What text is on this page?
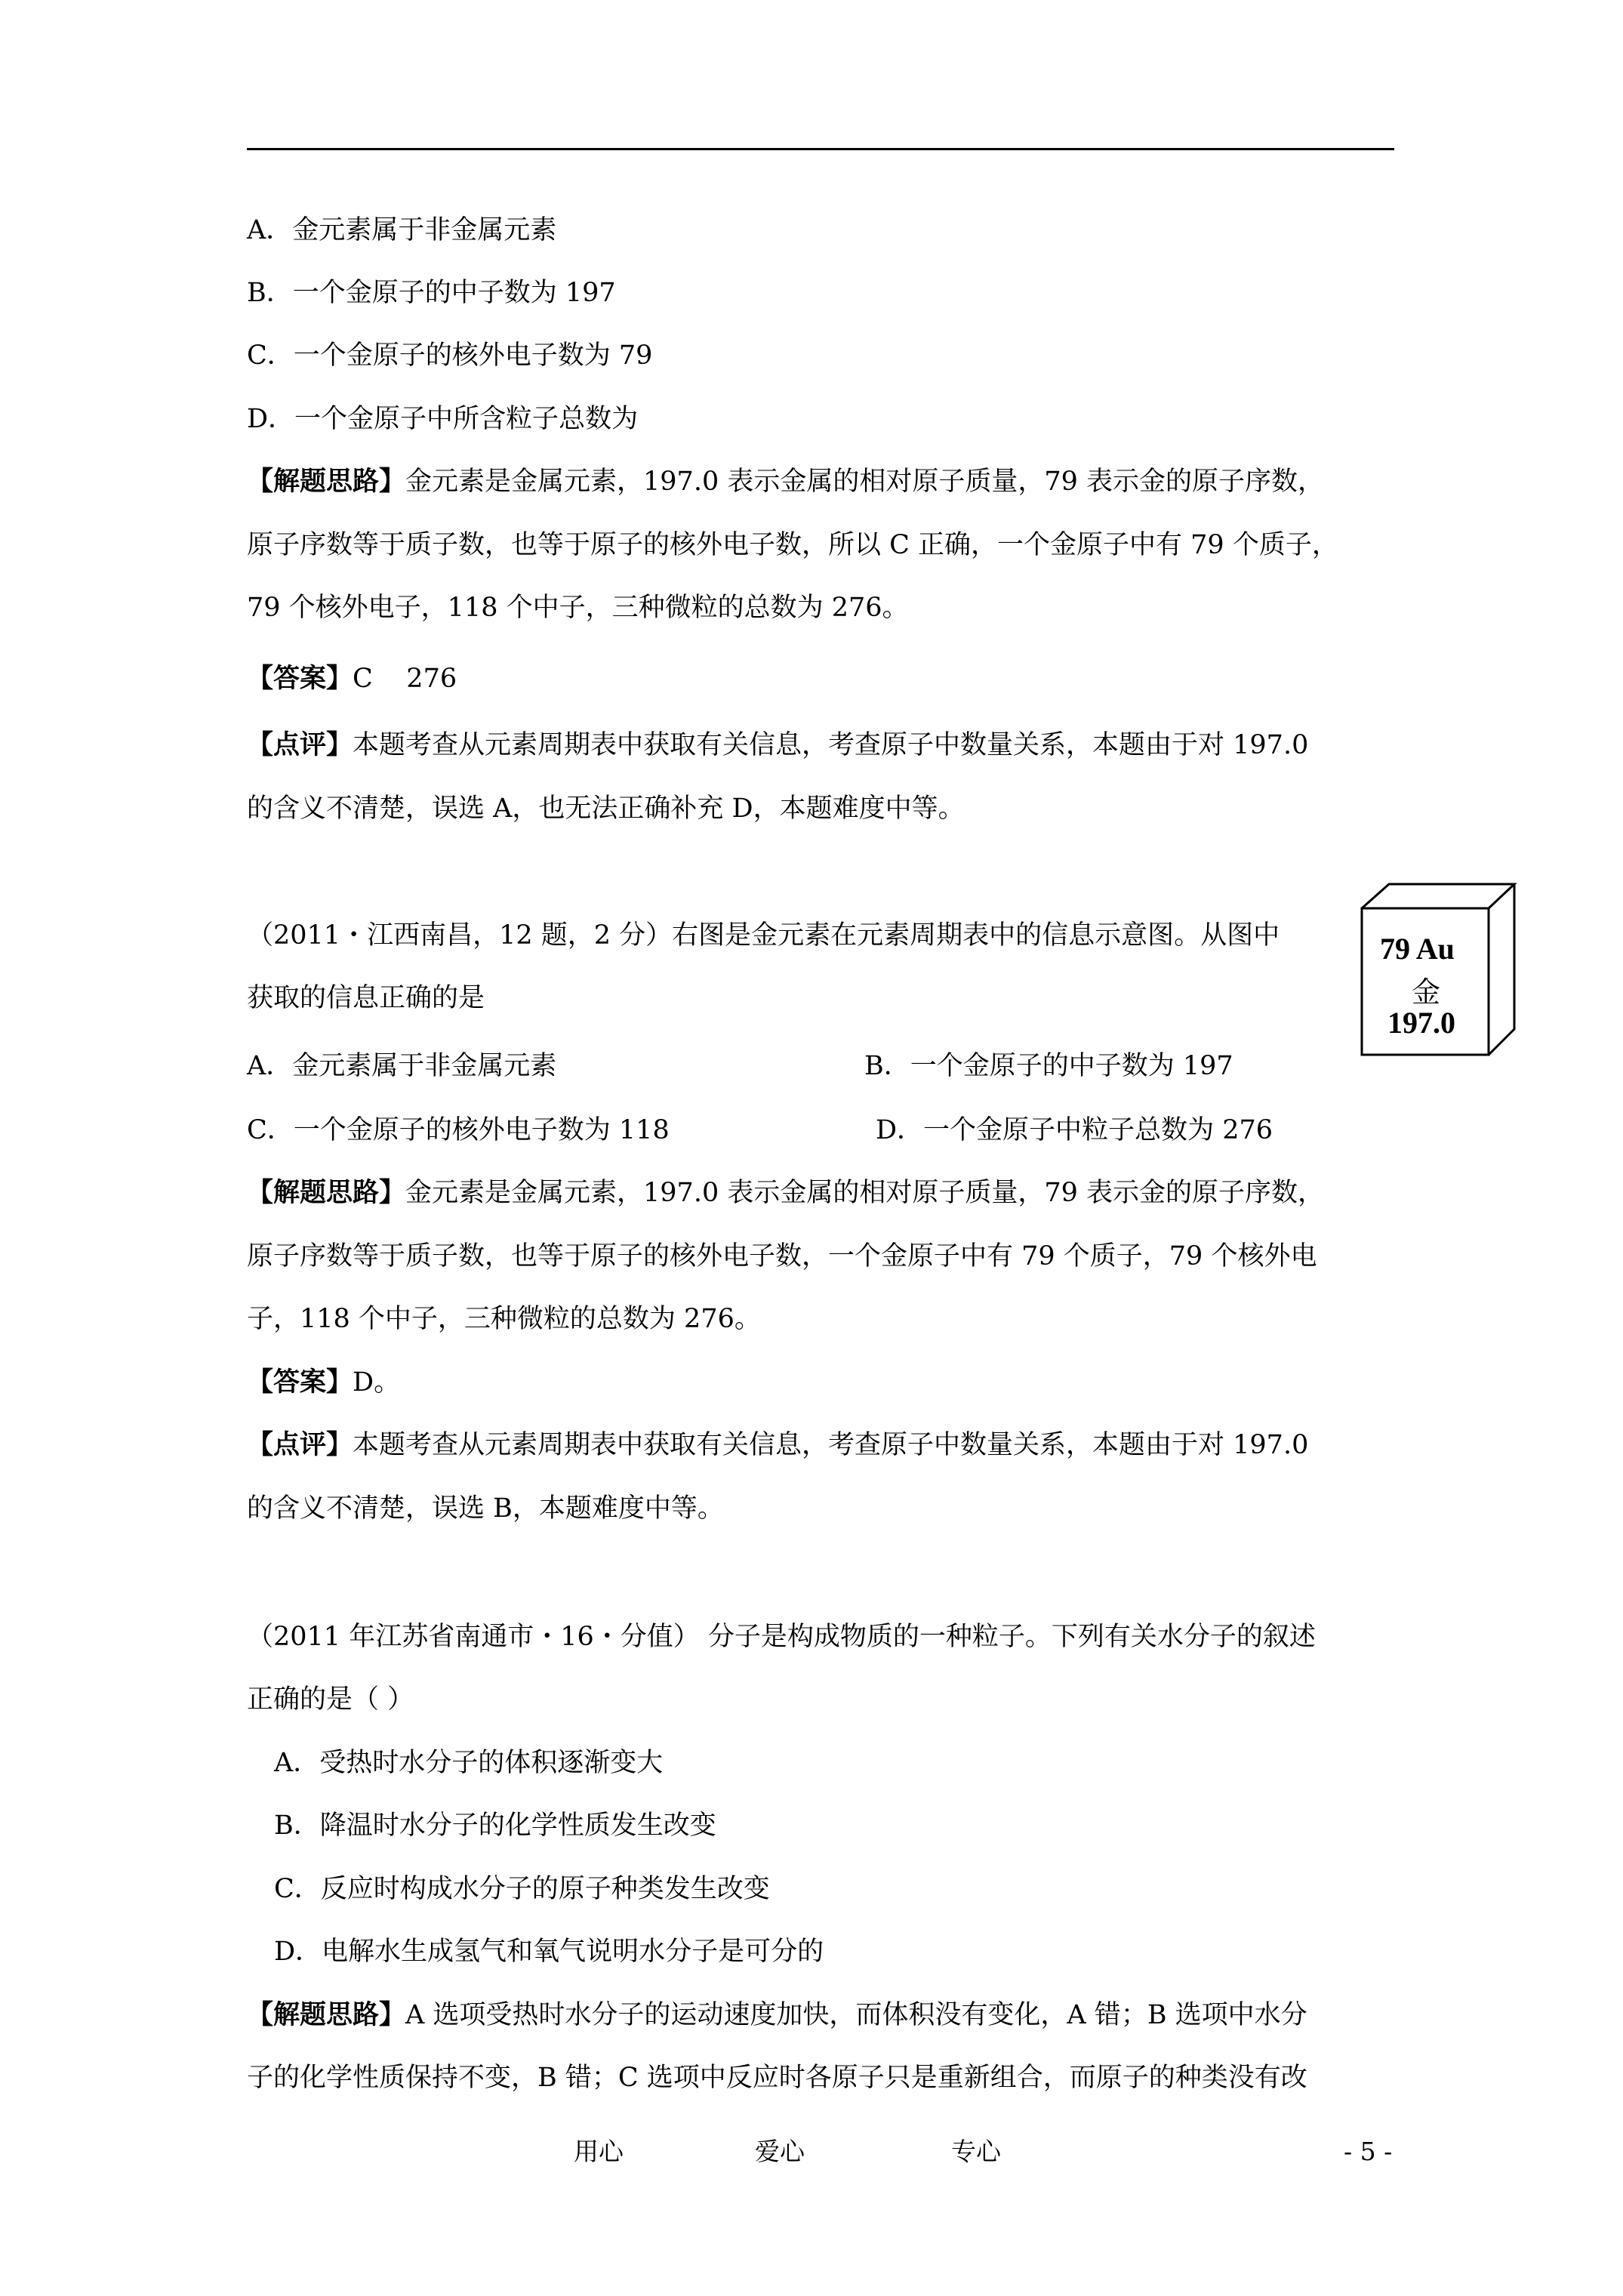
A．金元素属于非金属元素
B．一个金原子的中子数为 197
C．一个金原子的核外电子数为 79
D．一个金原子中所含粒子总数为
【解题思路】金元素是金属元素，197.0 表示金属的相对原子质量，79 表示金的原子序数，
原子序数等于质子数，也等于原子的核外电子数，所以 C 正确，一个金原子中有 79 个质子，
79 个核外电子，118 个中子，三种微粒的总数为 276。
【答案】C    276
【点评】本题考查从元素周期表中获取有关信息，考查原子中数量关系，本题由于对 197.0
的含义不清楚，误选 A，也无法正确补充 D，本题难度中等。
（2011・江西南昌，12 题，2 分）右图是金元素在元素周期表中的信息示意图。从图中
获取的信息正确的是
A．金元素属于非金属元素	B．一个金原子的中子数为 197
C．一个金原子的核外电子数为 118	D．一个金原子中粒子总数为 276
【解题思路】金元素是金属元素，197.0 表示金属的相对原子质量，79 表示金的原子序数，
原子序数等于质子数，也等于原子的核外电子数，一个金原子中有 79 个质子，79 个核外电
子，118 个中子，三种微粒的总数为 276。
【答案】D。
【点评】本题考查从元素周期表中获取有关信息，考查原子中数量关系，本题由于对 197.0
的含义不清楚，误选 B，本题难度中等。
79 Au
金
197.0
（2011 年江苏省南通市・16・分值） 分子是构成物质的一种粒子。下列有关水分子的叙述
正确的是（ ）
A．受热时水分子的体积逐渐变大
B．降温时水分子的化学性质发生改变
C．反应时构成水分子的原子种类发生改变
D．电解水生成氢气和氧气说明水分子是可分的
【解题思路】A 选项受热时水分子的运动速度加快，而体积没有变化，A 错；B 选项中水分
子的化学性质保持不变，B 错；C 选项中反应时各原子只是重新组合，而原子的种类没有改
用心	爱心	专心	- 5 -
